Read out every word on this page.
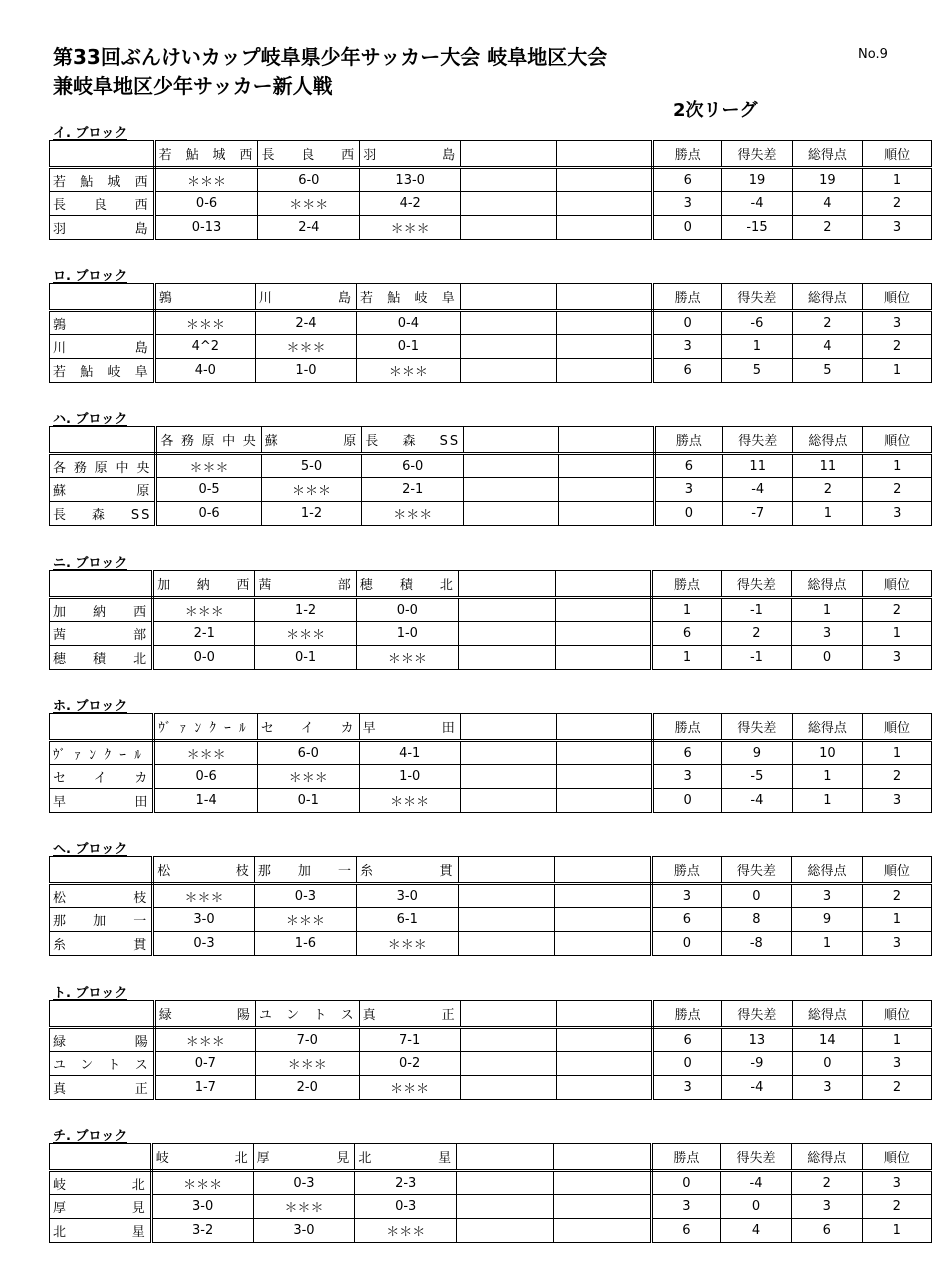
第33回ぶんけいカップ岐阜県少年サッカー大会 岐阜地区大会
兼岐阜地区少年サッカー新人戦
No.9
2次リーグ
イ. ブロック
	若鮎城西	長良西	羽島			勝点	得失差	総得点	順位
若鮎城西	＊＊＊	6-0	13-0			6	19	19	1
長良西	0-6	＊＊＊	4-2			3	-4	4	2
羽島	0-13	2-4	＊＊＊			0	-15	2	3
ロ. ブロック
	鶉	川島	若鮎岐阜			勝点	得失差	総得点	順位
鶉	＊＊＊	2-4	0-4			0	-6	2	3
川島	4^2	＊＊＊	0-1			3	1	4	2
若鮎岐阜	4-0	1-0	＊＊＊			6	5	5	1
ハ. ブロック
	各務原中央	蘇原	長森SS			勝点	得失差	総得点	順位
各務原中央	＊＊＊	5-0	6-0			6	11	11	1
蘇原	0-5	＊＊＊	2-1			3	-4	2	2
長森SS	0-6	1-2	＊＊＊			0	-7	1	3
ニ. ブロック
	加納西	茜部	穂積北			勝点	得失差	総得点	順位
加納西	＊＊＊	1-2	0-0			1	-1	1	2
茜部	2-1	＊＊＊	1-0			6	2	3	1
穂積北	0-0	0-1	＊＊＊			1	-1	0	3
ホ. ブロック
	ｳﾞｧﾝｸｰﾙ	セイカ	早田			勝点	得失差	総得点	順位
ｳﾞｧﾝｸｰﾙ	＊＊＊	6-0	4-1			6	9	10	1
セイカ	0-6	＊＊＊	1-0			3	-5	1	2
早田	1-4	0-1	＊＊＊			0	-4	1	3
ヘ. ブロック
	松枝	那加一	糸貫			勝点	得失差	総得点	順位
松枝	＊＊＊	0-3	3-0			3	0	3	2
那加一	3-0	＊＊＊	6-1			6	8	9	1
糸貫	0-3	1-6	＊＊＊			0	-8	1	3
ト. ブロック
	緑陽	ユントス	真正			勝点	得失差	総得点	順位
緑陽	＊＊＊	7-0	7-1			6	13	14	1
ユントス	0-7	＊＊＊	0-2			0	-9	0	3
真正	1-7	2-0	＊＊＊			3	-4	3	2
チ. ブロック
	岐北	厚見	北星			勝点	得失差	総得点	順位
岐北	＊＊＊	0-3	2-3			0	-4	2	3
厚見	3-0	＊＊＊	0-3			3	0	3	2
北星	3-2	3-0	＊＊＊			6	4	6	1
